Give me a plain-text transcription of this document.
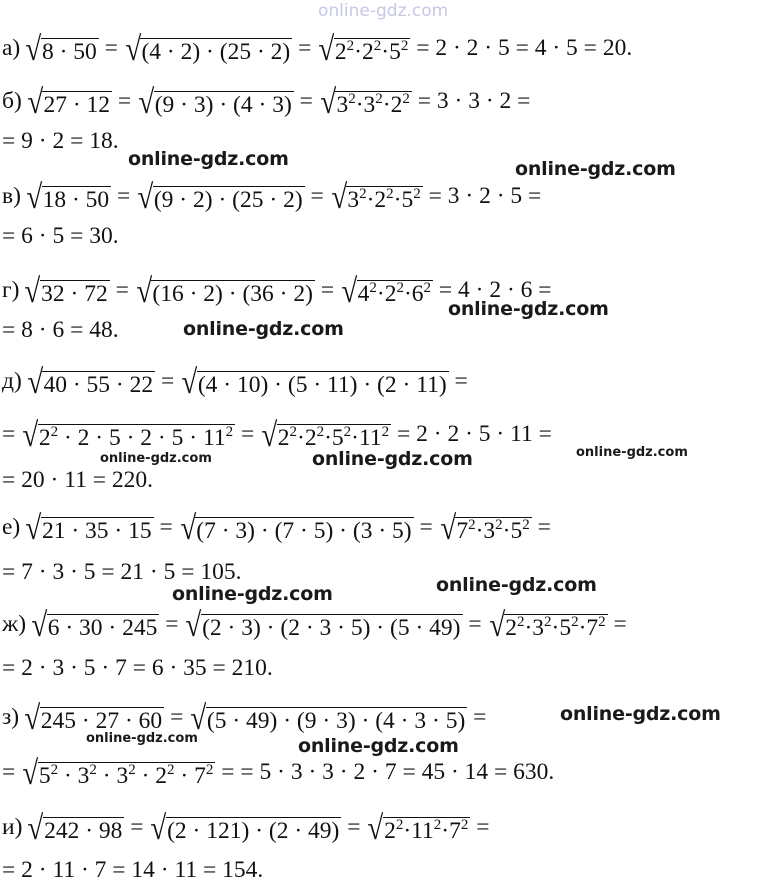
а) √ 8 · 50 = √ (4 · 2) · (25 · 2) = √ $2^2\cdot 2^2\cdot 5^2 = 2 \cdot 2 \cdot 5 = 4 \cdot 5 = 20$.
б) √ 27 · 12 = √ (9 · 3) · (4 · 3) = √ $3^2\cdot 3^2\cdot 2^2 = 3 \cdot 3 \cdot 2$ =
= 9 · 2 = 18.
в) √ 18 · 50 = √ (9 · 2) · (25 · 2) = √ $3^2\cdot 2^2\cdot 5^2 = 3 \cdot 2 \cdot 5$ =
= 6 · 5 = 30.
г) √ 32 · 72 = √ (16 · 2) · (36 · 2) = √ $4^2\cdot 2^2\cdot 6^2 = 4 \cdot 2 \cdot 6$ =
= 8 · 6 = 48.
д) √ 40 · 55 · 22 = √ (4 · 10) · (5 · 11) · (2 · 11) =
= √ $2^2 \cdot 2 \cdot 5 \cdot 2 \cdot 5 \cdot 11^2$ = √ $2^2\cdot 2^2\cdot 5^2\cdot 11^2 = 2 \cdot 2 \cdot 5 \cdot 11$ =
= 20 · 11 = 220.
е) √ 21 · 35 · 15 = √ (7 · 3) · (7 · 5) · (3 · 5) = √ $7^2\cdot 3^2\cdot 5^2$ =
= 7 · 3 · 5 = 21 · 5 = 105.
ж) √ 6 · 30 · 245 = √ (2 · 3) · (2 · 3 · 5) · (5 · 49) = √ $2^2\cdot 3^2\cdot 5^2\cdot 7^2$ =
= 2 · 3 · 5 · 7 = 6 · 35 = 210.
з) √ 245 · 27 · 60 = √ (5 · 49) · (9 · 3) · (4 · 3 · 5) =
= √ $5^2 \cdot 3^2 \cdot 3^2 \cdot 2^2 \cdot 7^2$ = = 5 · 3 · 3 · 2 · 7 = 45 · 14 = 630.
и) √ 242 · 98 = √ (2 · 121) · (2 · 49) = √ $2^2\cdot 11^2\cdot 7^2$ =
= 2 · 11 · 7 = 14 · 11 = 154.
online-gdz.com
online-gdz.com	online-gdz.com
online-gdz.com
online-gdz.com
online-gdz.com	online-gdz.com	online-gdz.com
online-gdz.com
online-gdz.com
online-gdz.com
online-gdz.com	online-gdz.com
